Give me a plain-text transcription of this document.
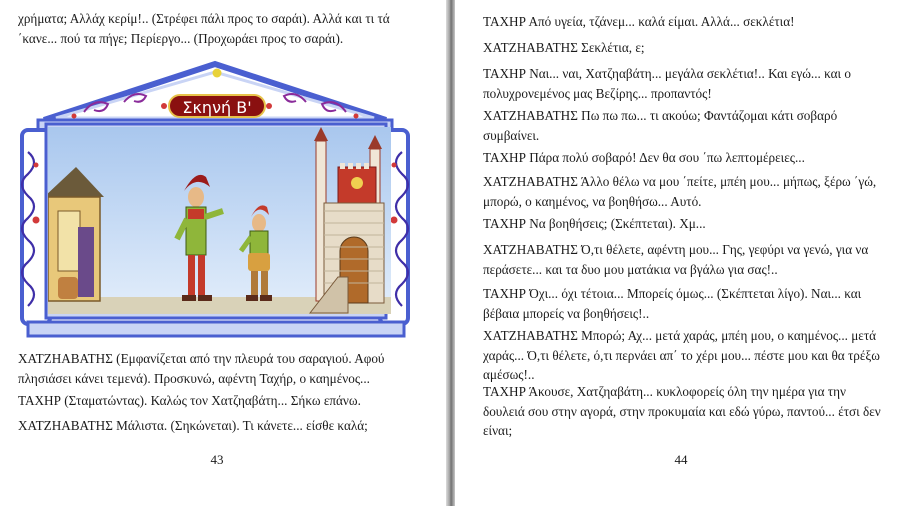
χρήματα; Αλλάχ κερίμ!.. (Στρέφει πάλι προς το σαράι). Αλλά και τι τά ΄κανε... πού τα πήγε; Περίεργο... (Προχωράει προς το σαράι).

Σκηνή Β'

ΧΑΤΖΗΑΒΑΤΗΣ (Εμφανίζεται από την πλευρά του σαραγιού. Αφού πλησιάσει κάνει τεμενά). Προσκυνώ, αφέντη Ταχήρ, ο καημένος...

ΤΑΧΗΡ (Σταματώντας). Καλώς τον Χατζηαβάτη... Σήκω επάνω.

ΧΑΤΖΗΑΒΑΤΗΣ Μάλιστα. (Σηκώνεται). Τι κάνετε... είσθε καλά;

43

ΤΑΧΗΡ Από υγεία, τζάνεμ... καλά είμαι. Αλλά... σεκλέτια!

ΧΑΤΖΗΑΒΑΤΗΣ Σεκλέτια, ε;

ΤΑΧΗΡ Ναι... ναι, Χατζηαβάτη... μεγάλα σεκλέτια!.. Και εγώ... και ο πολυχρονεμένος μας Βεζίρης... προπαντός!

ΧΑΤΖΗΑΒΑΤΗΣ Πω πω πω... τι ακούω; Φαντάζομαι κάτι σοβαρό συμβαίνει.

ΤΑΧΗΡ Πάρα πολύ σοβαρό! Δεν θα σου ΄πω λεπτομέρειες...

ΧΑΤΖΗΑΒΑΤΗΣ Άλλο θέλω να μου ΄πείτε, μπέη μου... μήπως, ξέρω ΄γώ, μπορώ, ο καημένος, να βοηθήσω... Αυτό.

ΤΑΧΗΡ Να βοηθήσεις; (Σκέπτεται). Χμ...

ΧΑΤΖΗΑΒΑΤΗΣ Ό,τι θέλετε, αφέντη μου... Γης, γεφύρι να γενώ, για να περάσετε... και τα δυο μου ματάκια να βγάλω για σας!..

ΤΑΧΗΡ Όχι... όχι τέτοια... Μπορείς όμως... (Σκέπτεται λίγο). Ναι... και βέβαια μπορείς να βοηθήσεις!..

ΧΑΤΖΗΑΒΑΤΗΣ Μπορώ; Αχ... μετά χαράς, μπέη μου, ο καημένος... μετά χαράς... Ό,τι θέλετε, ό,τι περνάει απ΄ το χέρι μου... πέστε μου και θα τρέξω αμέσως!..

ΤΑΧΗΡ Άκουσε, Χατζηαβάτη... κυκλοφορείς όλη την ημέρα για την δουλειά σου στην αγορά, στην προκυμαία και εδώ γύρω, παντού... έτσι δεν είναι;

44
